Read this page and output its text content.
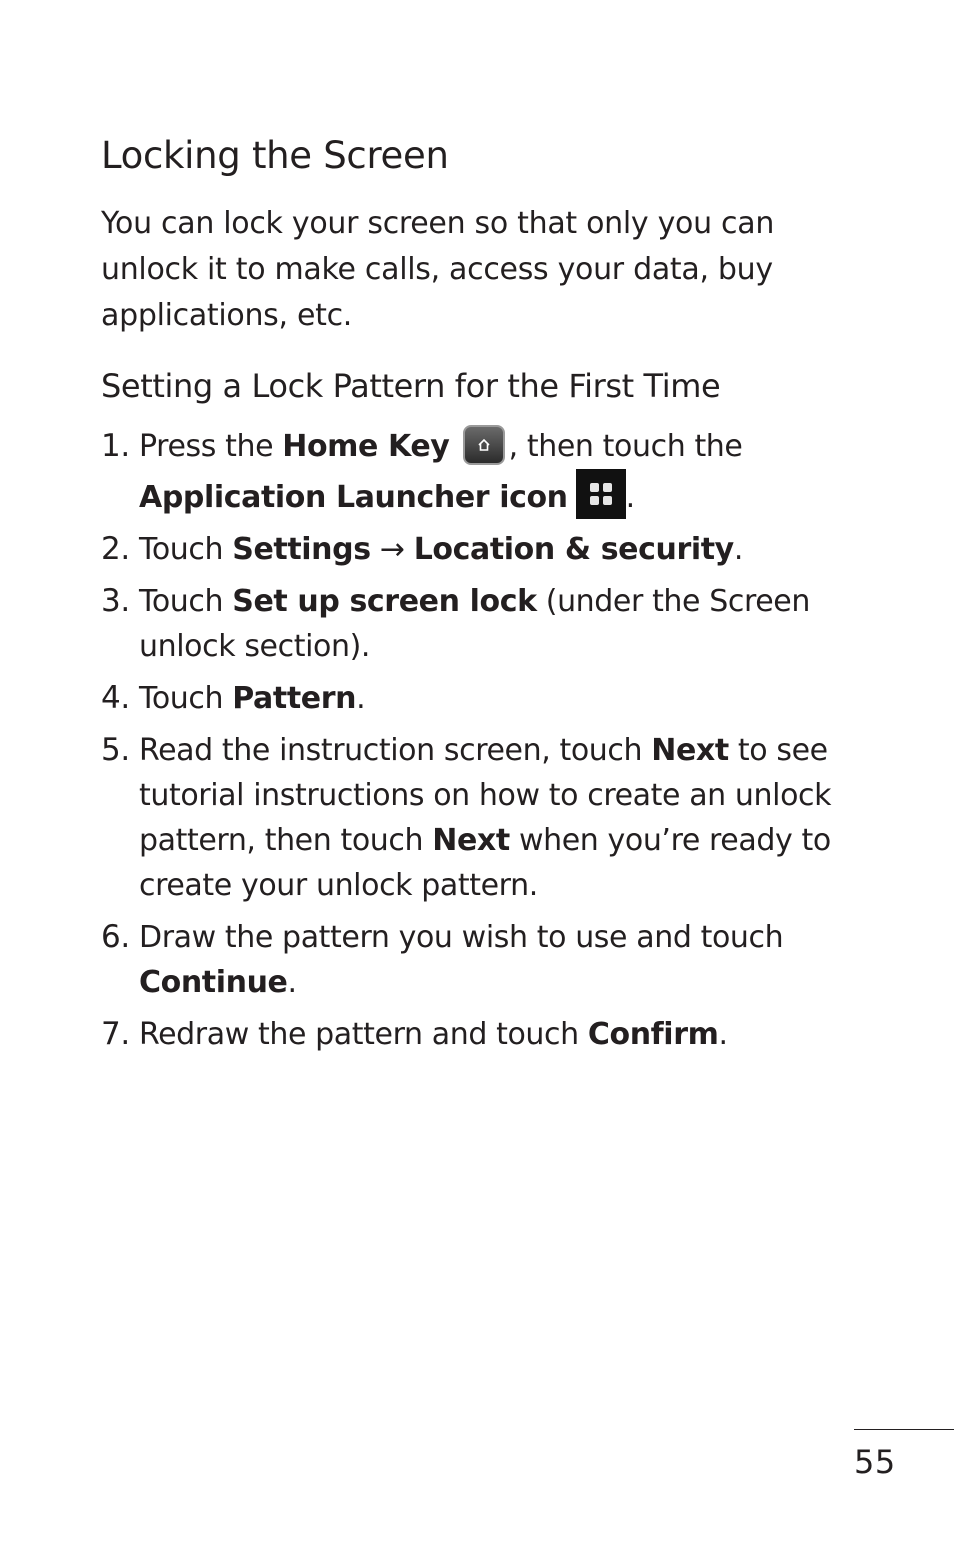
Locking the Screen

You can lock your screen so that only you can unlock it to make calls, access your data, buy applications, etc.

Setting a Lock Pattern for the First Time
1. Press the Home Key , then touch the Application Launcher icon .
2. Touch Settings → Location & security.
3. Touch Set up screen lock (under the Screen unlock section).
4. Touch Pattern.
5. Read the instruction screen, touch Next to see tutorial instructions on how to create an unlock pattern, then touch Next when you’re ready to create your unlock pattern.
6. Draw the pattern you wish to use and touch Continue.
7. Redraw the pattern and touch Confirm.
55
